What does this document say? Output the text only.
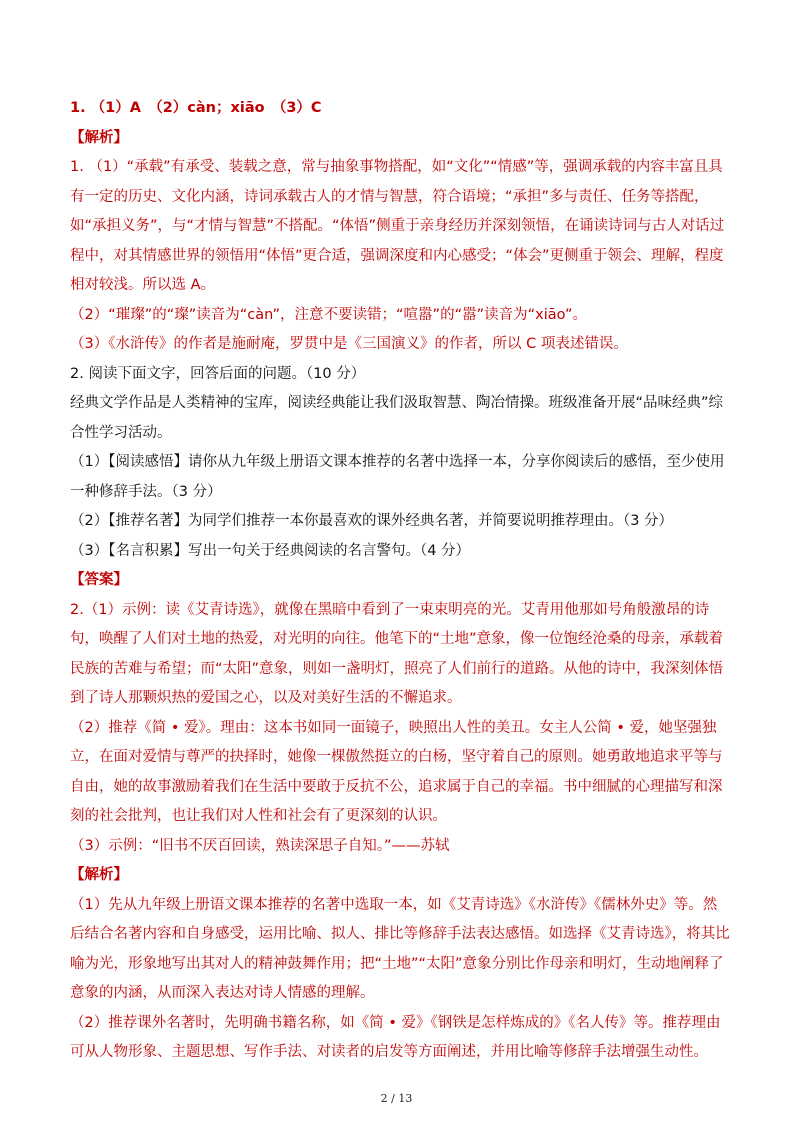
1. （1）A　（2）càn；xiāo　（3）C

【解析】

1. （1）“承载”有承受、装载之意，常与抽象事物搭配，如“文化”“情感”等，强调承载的内容丰富且具有一定的历史、文化内涵，诗词承载古人的才情与智慧，符合语境；“承担”多与责任、任务等搭配，如“承担义务”，与“才情与智慧”不搭配。“体悟”侧重于亲身经历并深刻领悟，在诵读诗词与古人对话过程中，对其情感世界的领悟用“体悟”更合适，强调深度和内心感受；“体会”更侧重于领会、理解，程度相对较浅。所以选 A。

（2）“璀璨”的“璨”读音为“càn”，注意不要读错；“喧嚣”的“嚣”读音为“xiāo”。

（3）《水浒传》的作者是施耐庵，罗贯中是《三国演义》的作者，所以 C 项表述错误。

2. 阅读下面文字，回答后面的问题。（10 分）

经典文学作品是人类精神的宝库，阅读经典能让我们汲取智慧、陶冶情操。班级准备开展“品味经典”综合性学习活动。

（1）【阅读感悟】请你从九年级上册语文课本推荐的名著中选择一本，分享你阅读后的感悟，至少使用一种修辞手法。（3 分）

（2）【推荐名著】为同学们推荐一本你最喜欢的课外经典名著，并简要说明推荐理由。（3 分）

（3）【名言积累】写出一句关于经典阅读的名言警句。（4 分）

【答案】

2.（1）示例：读《艾青诗选》，就像在黑暗中看到了一束束明亮的光。艾青用他那如号角般激昂的诗句，唤醒了人们对土地的热爱，对光明的向往。他笔下的“土地”意象，像一位饱经沧桑的母亲，承载着民族的苦难与希望；而“太阳”意象，则如一盏明灯，照亮了人们前行的道路。从他的诗中，我深刻体悟到了诗人那颗炽热的爱国之心，以及对美好生活的不懈追求。

（2）推荐《简 • 爱》。理由：这本书如同一面镜子，映照出人性的美丑。女主人公简 • 爱，她坚强独立，在面对爱情与尊严的抉择时，她像一棵傲然挺立的白杨，坚守着自己的原则。她勇敢地追求平等与自由，她的故事激励着我们在生活中要敢于反抗不公，追求属于自己的幸福。书中细腻的心理描写和深刻的社会批判，也让我们对人性和社会有了更深刻的认识。

（3）示例：“旧书不厌百回读，熟读深思子自知。”——苏轼

【解析】

（1）先从九年级上册语文课本推荐的名著中选取一本，如《艾青诗选》《水浒传》《儒林外史》等。然后结合名著内容和自身感受，运用比喻、拟人、排比等修辞手法表达感悟。如选择《艾青诗选》，将其比喻为光，形象地写出其对人的精神鼓舞作用；把“土地”“太阳”意象分别比作母亲和明灯，生动地阐释了意象的内涵，从而深入表达对诗人情感的理解。

（2）推荐课外名著时，先明确书籍名称，如《简 • 爱》《钢铁是怎样炼成的》《名人传》等。推荐理由可从人物形象、主题思想、写作手法、对读者的启发等方面阐述，并用比喻等修辞手法增强生动性。

2 / 13
